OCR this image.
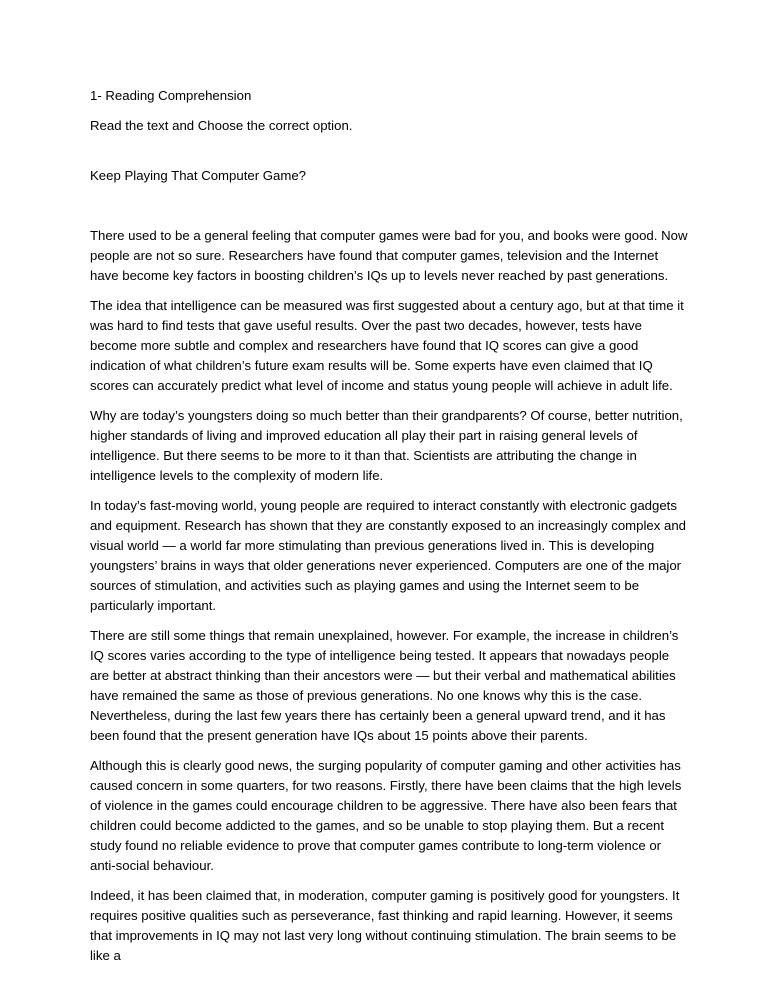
1- Reading Comprehension

Read the text and Choose the correct option.

Keep Playing That Computer Game?

There used to be a general feeling that computer games were bad for you, and books were good. Now people are not so sure. Researchers have found that computer games, television and the Internet have become key factors in boosting children’s IQs up to levels never reached by past generations.

The idea that intelligence can be measured was first suggested about a century ago, but at that time it was hard to find tests that gave useful results. Over the past two decades, however, tests have become more subtle and complex and researchers have found that IQ scores can give a good indication of what children’s future exam results will be. Some experts have even claimed that IQ scores can accurately predict what level of income and status young people will achieve in adult life.

Why are today’s youngsters doing so much better than their grandparents? Of course, better nutrition, higher standards of living and improved education all play their part in raising general levels of intelligence. But there seems to be more to it than that. Scientists are attributing the change in intelligence levels to the complexity of modern life.

In today’s fast-moving world, young people are required to interact constantly with electronic gadgets and equipment. Research has shown that they are constantly exposed to an increasingly complex and visual world — a world far more stimulating than previous generations lived in. This is developing youngsters’ brains in ways that older generations never experienced. Computers are one of the major sources of stimulation, and activities such as playing games and using the Internet seem to be particularly important.

There are still some things that remain unexplained, however. For example, the increase in children’s IQ scores varies according to the type of intelligence being tested. It appears that nowadays people are better at abstract thinking than their ancestors were — but their verbal and mathematical abilities have remained the same as those of previous generations. No one knows why this is the case. Nevertheless, during the last few years there has certainly been a general upward trend, and it has been found that the present generation have IQs about 15 points above their parents.

Although this is clearly good news, the surging popularity of computer gaming and other activities has caused concern in some quarters, for two reasons. Firstly, there have been claims that the high levels of violence in the games could encourage children to be aggressive. There have also been fears that children could become addicted to the games, and so be unable to stop playing them. But a recent study found no reliable evidence to prove that computer games contribute to long-term violence or anti-social behaviour.

Indeed, it has been claimed that, in moderation, computer gaming is positively good for youngsters. It requires positive qualities such as perseverance, fast thinking and rapid learning. However, it seems that improvements in IQ may not last very long without continuing stimulation. The brain seems to be like a
